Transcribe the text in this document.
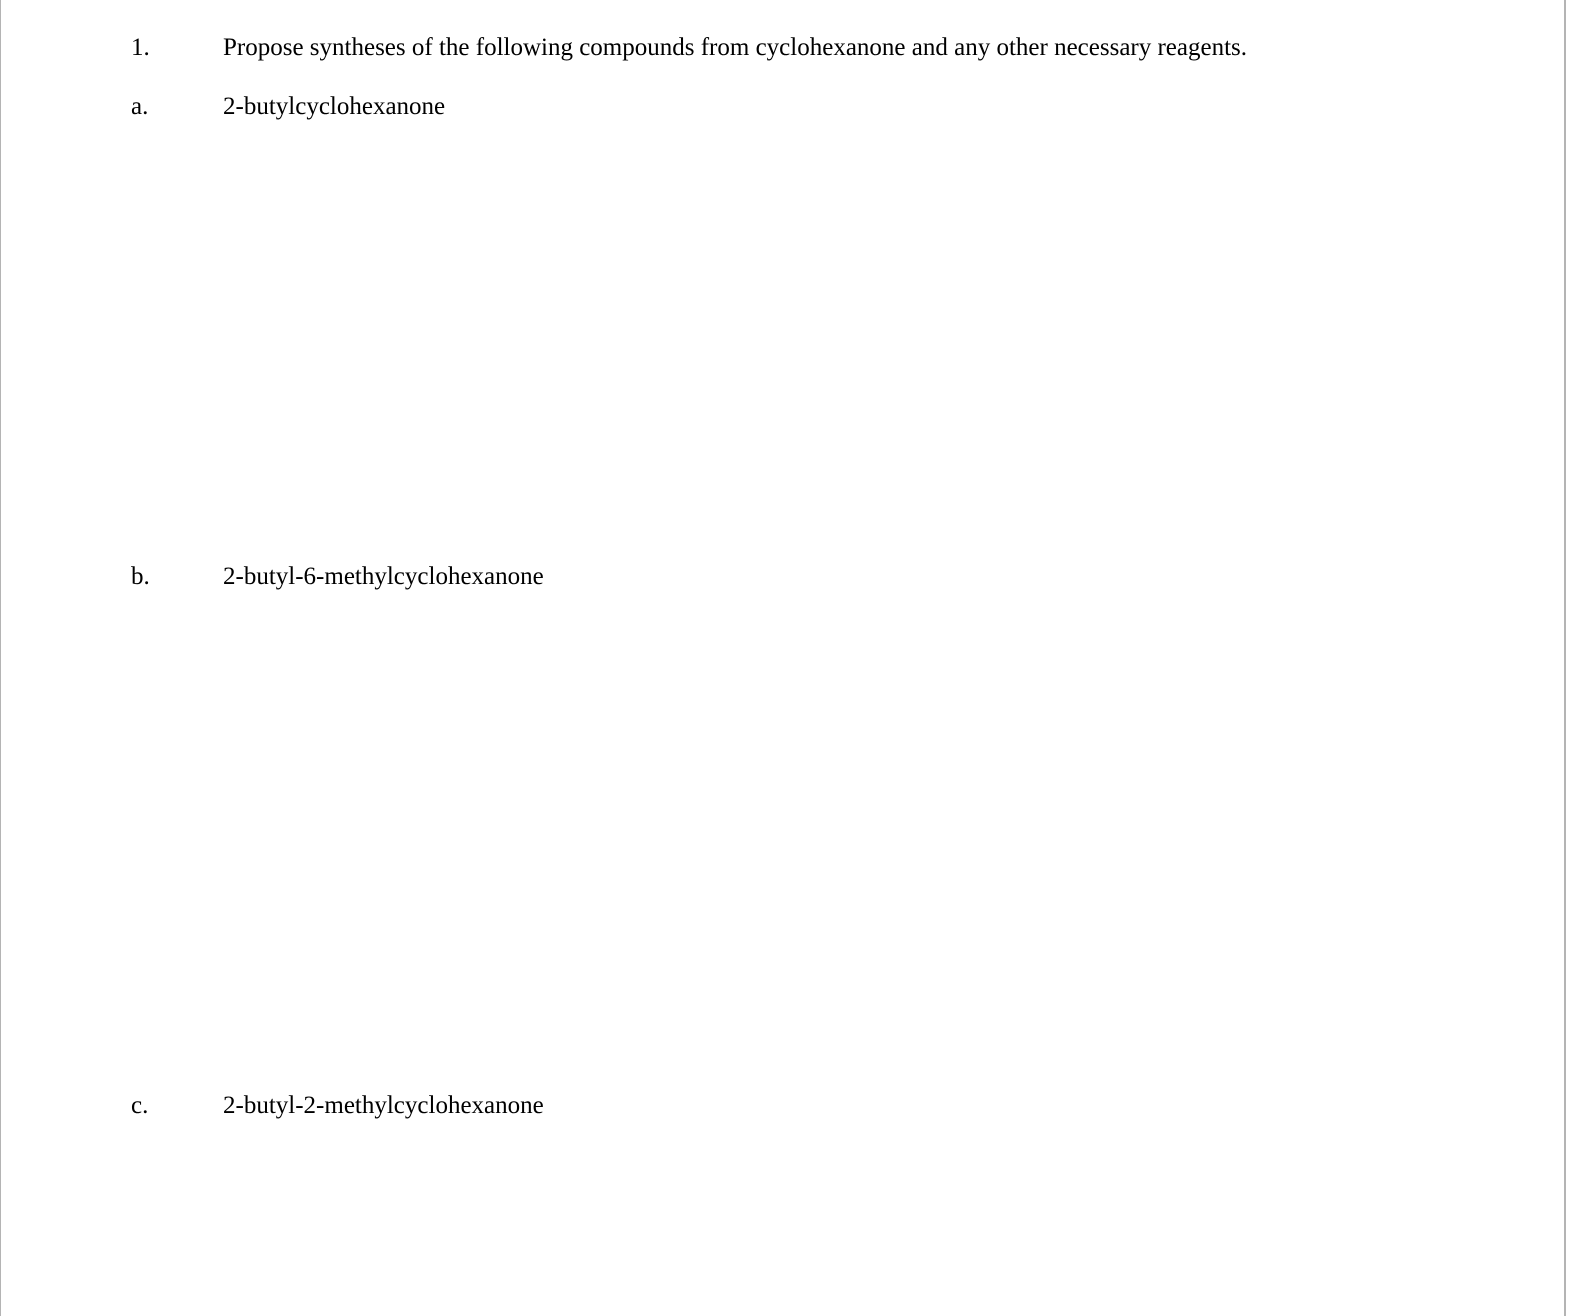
1.	Propose syntheses of the following compounds from cyclohexanone and any other necessary reagents.
a.	2-butylcyclohexanone
b.	2-butyl-6-methylcyclohexanone
c.	2-butyl-2-methylcyclohexanone
